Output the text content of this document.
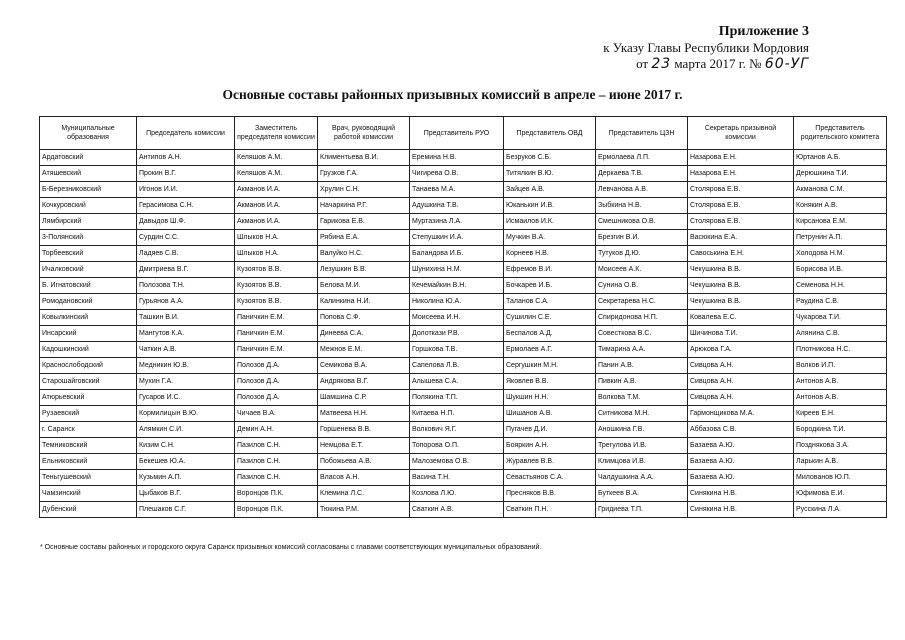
Приложение 3
к Указу Главы Республики Мордовия
от 23 марта 2017 г. № 60-УГ
Основные составы районных призывных комиссий в апреле – июне 2017 г.
Муниципальные образования	Председатель комиссии	Заместитель председателя комиссии	Врач, руководящий работой комиссии	Представитель РУО	Представитель ОВД	Представитель ЦЗН	Секретарь призывной комиссии	Представитель родительского комитета
Ардатовский	Антипов А.Н.	Келяшов А.М.	Климентьева В.И.	Еремина Н.В.	Безруков С.Б.	Ермолаева Л.П.	Назарова Е.Н.	Юртанов А.Б.
Атяшевский	Прокин В.Г.	Келяшов А.М.	Грузков Г.А.	Чигирева О.В.	Титялкин В.Ю.	Деркаева Т.В.	Назарова Е.Н.	Дерюшкина Т.И.
Б-Березниковский	Игонов И.И.	Акманов И.А.	Хрулин С.Н.	Танаева М.А.	Зайцев А.В.	Левчанова А.В.	Столярова Е.В.	Акманова С.М.
Кочкуровский	Герасимова С.Н.	Акманов И.А.	Начаркина Р.Г.	Адушкина Т.В.	Юканькин И.В.	Зыбкина Н.В.	Столярова Е.В.	Конякин А.В.
Лямбирский	Давыдов Ш.Ф.	Акманов И.А.	Гарикова Е.В.	Муртазина Л.А.	Исмаилов И.К.	Смешникова О.В.	Столярова Е.В.	Кирсанова Е.М.
3-Полянский	Сурдин С.С.	Шлыков Н.А.	Рябина Е.А.	Степушкин И.А.	Мучкин В.А.	Брезгин В.И.	Васюкина Е.А.	Петрунин А.П.
Торбеевский	Ладяев С.В.	Шлыков Н.А.	Валуйко Н.С.	Баландова И.Б.	Корнеев Н.В.	Тутуков Д.Ю.	Савоськина Е.Н.	Холодова Н.М.
Ичалковский	Дмитриева В.Г.	Кузоятов В.В.	Лезушкин В.В.	Шунихина Н.М.	Ефремов В.И.	Моисеев А.К.	Чекушкина В.В.	Борисова И.В.
Б. Игнатовский	Полозова Т.Н.	Кузоятов В.В.	Белова М.И.	Кечемайкин В.Н.	Бочкарев И.Б.	Сунина О.В.	Чекушкина В.В.	Семенова Н.Н.
Ромодановский	Гурьянов А.А.	Кузоятов В.В.	Калинкина Н.И.	Николина Ю.А.	Таланов С.А.	Секретарева Н.С.	Чекушкина В.В.	Раудина С.В.
Ковылкинский	Ташкин В.И.	Паничкин Е.М.	Попова С.Ф.	Моисеева И.Н.	Сушилин С.Е.	Спиридонова Н.П.	Ковалева Е.С.	Чукарова Т.И.
Инсарский	Мангутов К.А.	Паничкин Е.М.	Динеева С.А.	Долоткази Р.В.	Беспалов А.Д.	Совесткова В.С.	Шичинова Т.И.	Алянина С.В.
Кадошкинский	Чаткин А.В.	Паничкин Е.М.	Межнов Е.М.	Горшкова Т.В.	Ермолаев А.Г.	Тимарина А.А.	Арюкова Г.А.	Плотникова Н.С.
Краснослободский	Медникин Ю.В.	Полозов Д.А.	Семикова В.А.	Сапелова Л.В.	Сергушкин М.Н.	Панин А.В.	Сивцова А.Н.	Волков И.П.
Старошайговский	Мухин Г.А.	Полозов Д.А.	Андрякова В.Г.	Алышева С.А.	Яковлев В.В.	Пивкин А.В.	Сивцова А.Н.	Антонов А.В.
Атюрьевский	Гусаров И.С.	Полозов Д.А.	Шамшина С.Р.	Полякина Т.П.	Шукшин Н.Н.	Волкова Т.М.	Сивцова А.Н.	Антонов А.В.
Рузаевский	Кормилицын В.Ю.	Чичаев В.А.	Матвеева Н.Н.	Китаева Н.П.	Шишанов А.В.	Ситникова М.Н.	Гармонщикова М.А.	Киреев Е.Н.
г. Саранск	Алямкин С.И.	Демин А.Н.	Горшенева В.В.	Волкович Я.Г.	Пугачев Д.И.	Аношкина Г.В.	Аббазова С.В.	Бородкина Т.И.
Темниковский	Кизим С.Н.	Пазилов С.Н.	Немцова Е.Т.	Топорова О.П.	Бояркин А.Н.	Трегулова И.В.	Базаева А.Ю.	Позднякова З.А.
Ельниковский	Бекешев Ю.А.	Пазилов С.Н.	Побожьева А.В.	Малоземова О.В.	Журавлев В.В.	Климцова И.В.	Базаева А.Ю.	Ларькин А.В.
Теньгушевский	Кузьмин А.П.	Пазилов С.Н.	Власов А.Н.	Васина Т.Н.	Севастьянов С.А.	Чалдушкина А.А.	Базаева А.Ю.	Милованов Ю.П.
Чамзинский	Цыбаков В.Г.	Воронцов П.К.	Клемина Л.С.	Козлова Л.Ю.	Пресняков В.В.	Буткеев В.А.	Синякина Н.В.	Юфимова Е.И.
Дубенский	Плешаков С.Г.	Воронцов П.К.	Тюкина Р.М.	Сваткин А.В.	Сваткин П.Н.	Гридиева Т.П.	Синякина Н.В.	Русскина Л.А.
* Основные составы районных и городского округа Саранск призывных комиссий согласованы с главами соответствующих муниципальных образований.
